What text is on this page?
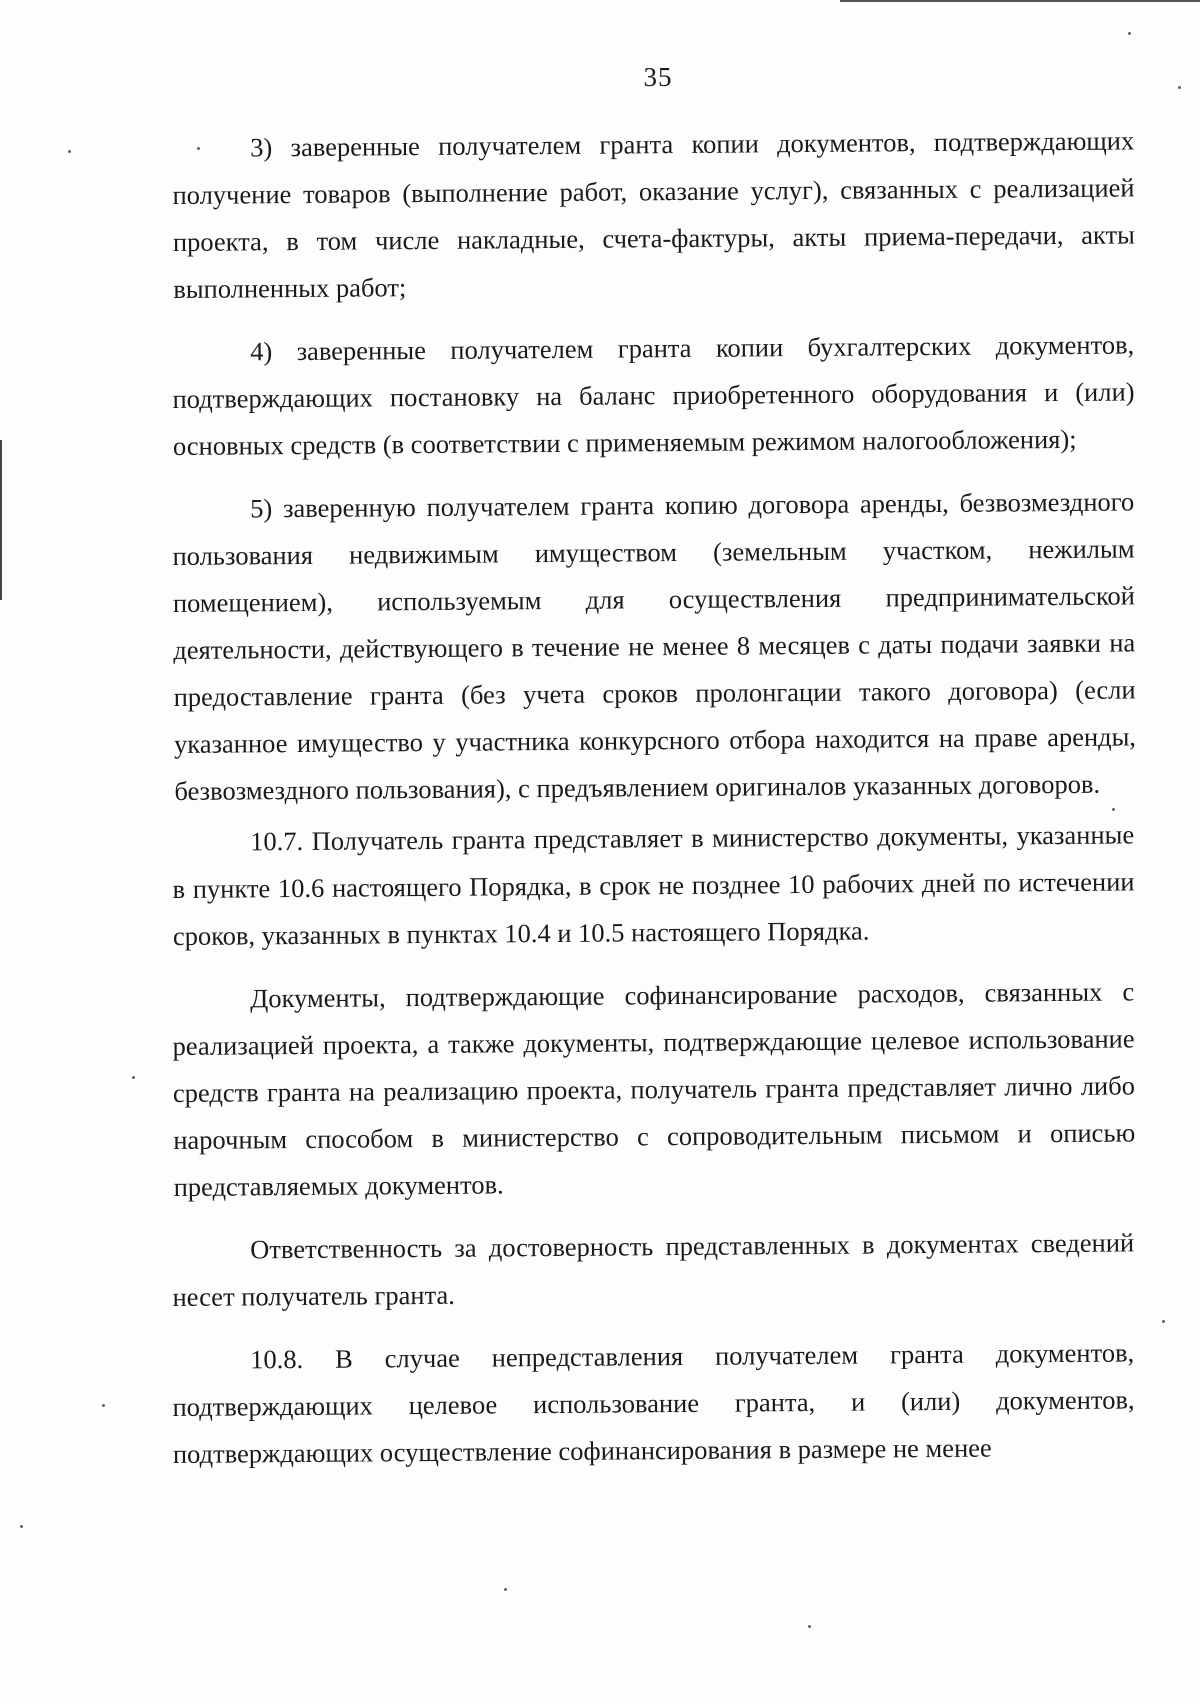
35

3) заверенные получателем гранта копии документов, подтверждающих получение товаров (выполнение работ, оказание услуг), связанных с реализацией проекта, в том числе накладные, счета-фактуры, акты приема-передачи, акты выполненных работ;

4) заверенные получателем гранта копии бухгалтерских документов, подтверждающих постановку на баланс приобретенного оборудования и (или) основных средств (в соответствии с применяемым режимом налогообложения);

5) заверенную получателем гранта копию договора аренды, безвозмездного пользования недвижимым имуществом (земельным участком, нежилым помещением), используемым для осуществления предпринимательской деятельности, действующего в течение не менее 8 месяцев с даты подачи заявки на предоставление гранта (без учета сроков пролонгации такого договора) (если указанное имущество у участника конкурсного отбора находится на праве аренды, безвозмездного пользования), с предъявлением оригиналов указанных договоров.

10.7. Получатель гранта представляет в министерство документы, указанные в пункте 10.6 настоящего Порядка, в срок не позднее 10 рабочих дней по истечении сроков, указанных в пунктах 10.4 и 10.5 настоящего Порядка.

Документы, подтверждающие софинансирование расходов, связанных с реализацией проекта, а также документы, подтверждающие целевое использование средств гранта на реализацию проекта, получатель гранта представляет лично либо нарочным способом в министерство с сопроводительным письмом и описью представляемых документов.

Ответственность за достоверность представленных в документах сведений несет получатель гранта.

10.8. В случае непредставления получателем гранта документов, подтверждающих целевое использование гранта, и (или) документов, подтверждающих осуществление софинансирования в размере не менее
